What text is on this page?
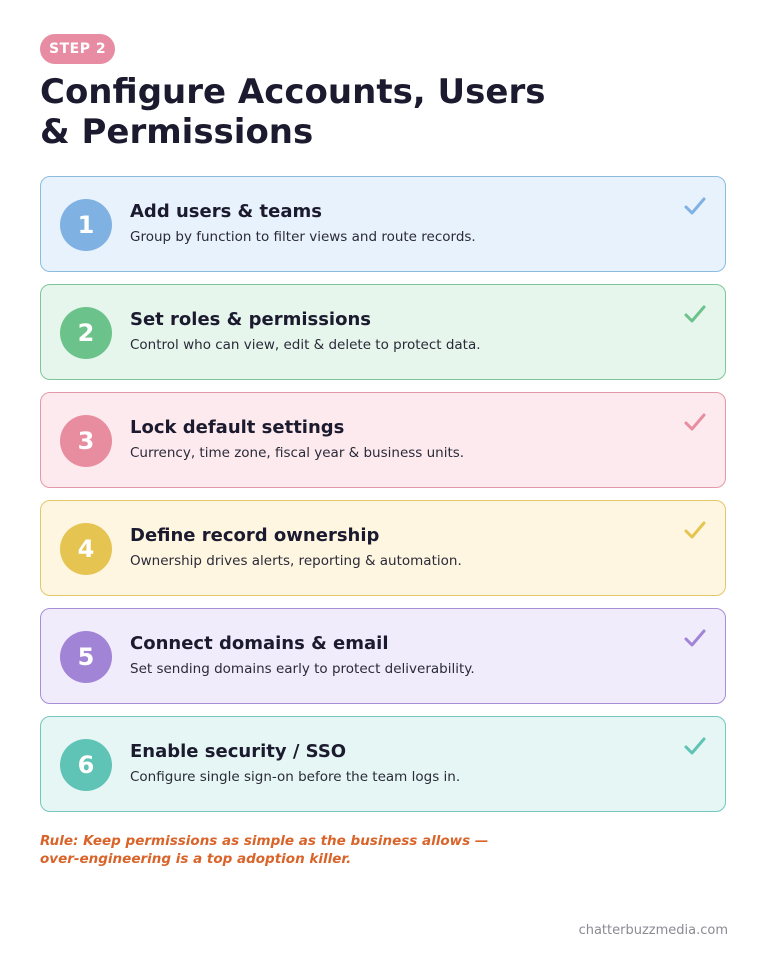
STEP 2
Configure Accounts, Users
& Permissions
1	Add users & teams
Group by function to filter views and route records.
2	Set roles & permissions
Control who can view, edit & delete to protect data.
3	Lock default settings
Currency, time zone, fiscal year & business units.
4	Define record ownership
Ownership drives alerts, reporting & automation.
5	Connect domains & email
Set sending domains early to protect deliverability.
6	Enable security / SSO
Configure single sign-on before the team logs in.

Rule: Keep permissions as simple as the business allows —
over-engineering is a top adoption killer.

chatterbuzzmedia.com
